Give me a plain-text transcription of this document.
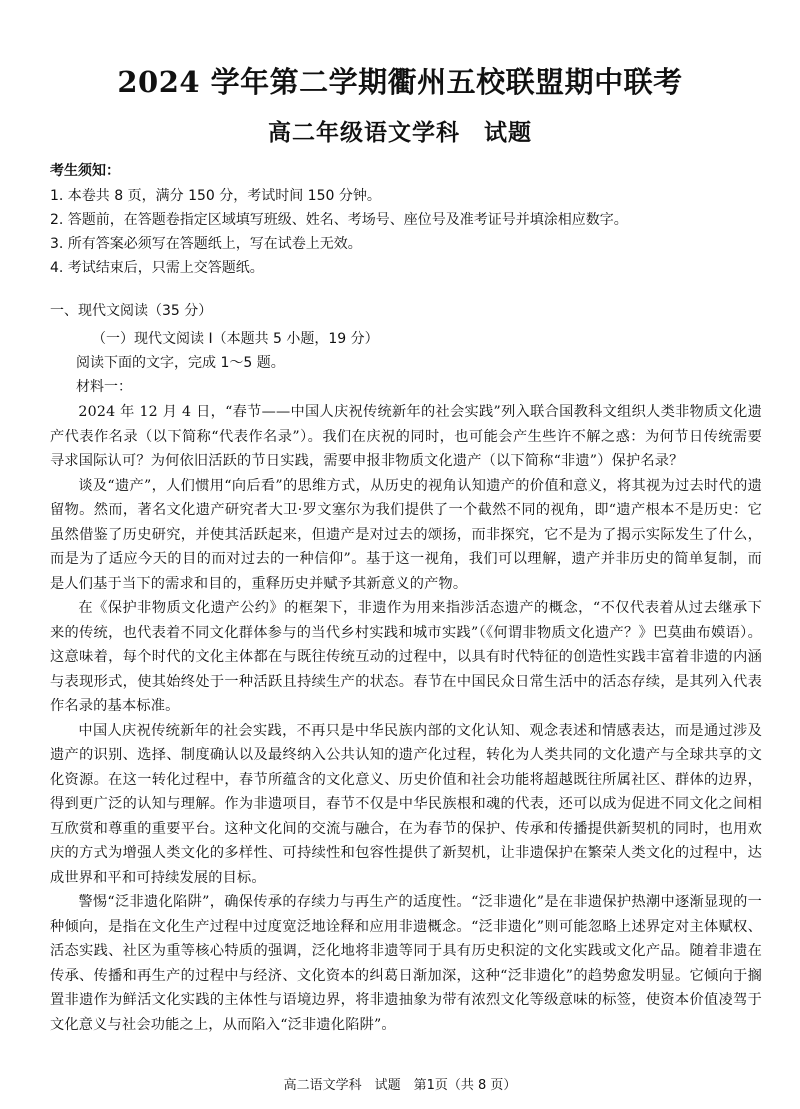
2024 学年第二学期衢州五校联盟期中联考
高二年级语文学科　试题
考生须知：
1. 本卷共 8 页，满分 150 分，考试时间 150 分钟。
2. 答题前，在答题卷指定区域填写班级、姓名、考场号、座位号及准考证号并填涂相应数字。
3. 所有答案必须写在答题纸上，写在试卷上无效。
4. 考试结束后，只需上交答题纸。
一、现代文阅读（35 分）
（一）现代文阅读 I（本题共 5 小题，19 分）
阅读下面的文字，完成 1～5 题。
材料一：

2024 年 12 月 4 日，“春节——中国人庆祝传统新年的社会实践”列入联合国教科文组织人类非物质文化遗产代表作名录（以下简称“代表作名录”）。我们在庆祝的同时，也可能会产生些许不解之惑：为何节日传统需要寻求国际认可？为何依旧活跃的节日实践，需要申报非物质文化遗产（以下简称“非遗”）保护名录？

谈及“遗产”，人们惯用“向后看”的思维方式，从历史的视角认知遗产的价值和意义，将其视为过去时代的遗留物。然而，著名文化遗产研究者大卫·罗文塞尔为我们提供了一个截然不同的视角，即“遗产根本不是历史：它虽然借鉴了历史研究，并使其活跃起来，但遗产是对过去的颂扬，而非探究，它不是为了揭示实际发生了什么，而是为了适应今天的目的而对过去的一种信仰”。基于这一视角，我们可以理解，遗产并非历史的简单复制，而是人们基于当下的需求和目的，重释历史并赋予其新意义的产物。

在《保护非物质文化遗产公约》的框架下，非遗作为用来指涉活态遗产的概念，“不仅代表着从过去继承下来的传统，也代表着不同文化群体参与的当代乡村实践和城市实践”（《何谓非物质文化遗产？》巴莫曲布嫫语）。这意味着，每个时代的文化主体都在与既往传统互动的过程中，以具有时代特征的创造性实践丰富着非遗的内涵与表现形式，使其始终处于一种活跃且持续生产的状态。春节在中国民众日常生活中的活态存续，是其列入代表作名录的基本标准。

中国人庆祝传统新年的社会实践，不再只是中华民族内部的文化认知、观念表述和情感表达，而是通过涉及遗产的识别、选择、制度确认以及最终纳入公共认知的遗产化过程，转化为人类共同的文化遗产与全球共享的文化资源。在这一转化过程中，春节所蕴含的文化意义、历史价值和社会功能将超越既往所属社区、群体的边界，得到更广泛的认知与理解。作为非遗项目，春节不仅是中华民族根和魂的代表，还可以成为促进不同文化之间相互欣赏和尊重的重要平台。这种文化间的交流与融合，在为春节的保护、传承和传播提供新契机的同时，也用欢庆的方式为增强人类文化的多样性、可持续性和包容性提供了新契机，让非遗保护在繁荣人类文化的过程中，达成世界和平和可持续发展的目标。

警惕“泛非遗化陷阱”，确保传承的存续力与再生产的适度性。“泛非遗化”是在非遗保护热潮中逐渐显现的一种倾向，是指在文化生产过程中过度宽泛地诠释和应用非遗概念。“泛非遗化”则可能忽略上述界定对主体赋权、活态实践、社区为重等核心特质的强调，泛化地将非遗等同于具有历史积淀的文化实践或文化产品。随着非遗在传承、传播和再生产的过程中与经济、文化资本的纠葛日渐加深，这种“泛非遗化”的趋势愈发明显。它倾向于搁置非遗作为鲜活文化实践的主体性与语境边界，将非遗抽象为带有浓烈文化等级意味的标签，使资本价值凌驾于文化意义与社会功能之上，从而陷入“泛非遗化陷阱”。

高二语文学科　试题　第1页（共 8 页）
